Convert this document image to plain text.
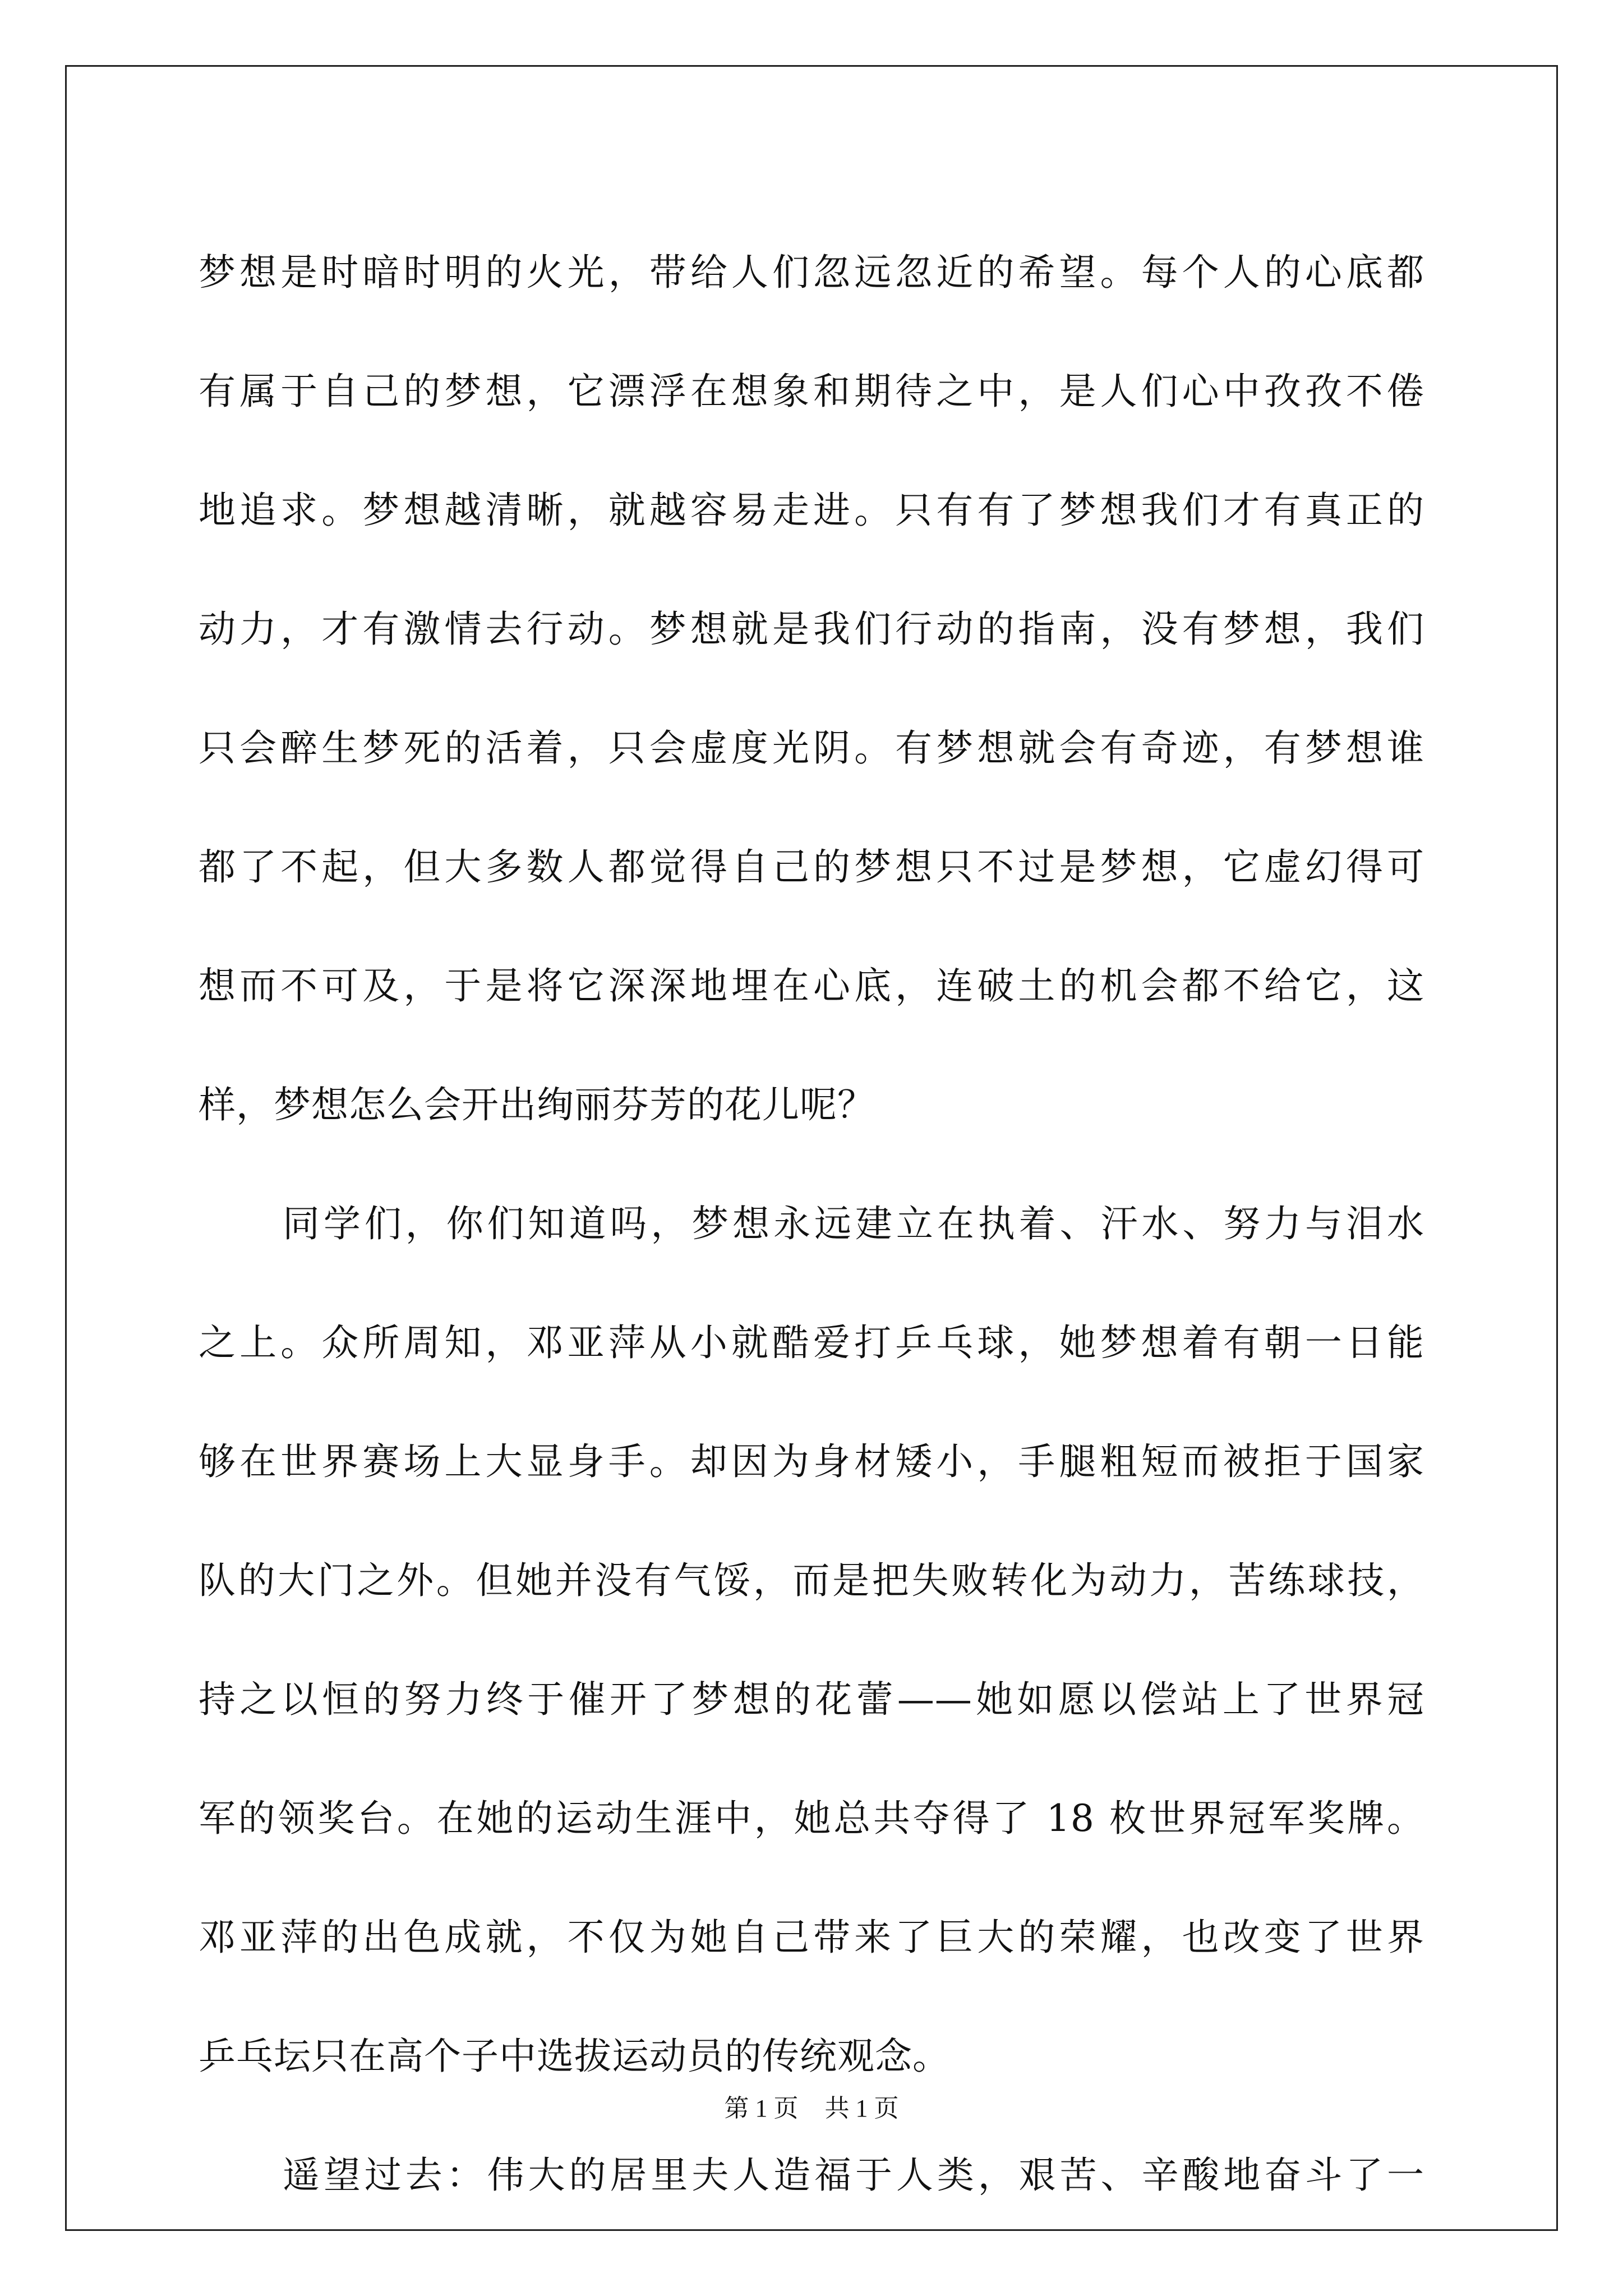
梦想是时暗时明的火光，带给人们忽远忽近的希望。每个人的心底都
有属于自己的梦想，它漂浮在想象和期待之中，是人们心中孜孜不倦
地追求。梦想越清晰，就越容易走进。只有有了梦想我们才有真正的
动力，才有激情去行动。梦想就是我们行动的指南，没有梦想，我们
只会醉生梦死的活着，只会虚度光阴。有梦想就会有奇迹，有梦想谁
都了不起，但大多数人都觉得自己的梦想只不过是梦想，它虚幻得可
想而不可及，于是将它深深地埋在心底，连破土的机会都不给它，这
样，梦想怎么会开出绚丽芬芳的花儿呢？
同学们，你们知道吗，梦想永远建立在执着、汗水、努力与泪水
之上。众所周知，邓亚萍从小就酷爱打乒乓球，她梦想着有朝一日能
够在世界赛场上大显身手。却因为身材矮小，手腿粗短而被拒于国家
队的大门之外。但她并没有气馁，而是把失败转化为动力，苦练球技，
持之以恒的努力终于催开了梦想的花蕾——她如愿以偿站上了世界冠
军的领奖台。在她的运动生涯中，她总共夺得了 18 枚世界冠军奖牌。
邓亚萍的出色成就，不仅为她自己带来了巨大的荣耀，也改变了世界
乒乓坛只在高个子中选拔运动员的传统观念。
遥望过去：伟大的居里夫人造福于人类，艰苦、辛酸地奋斗了一
第 1 页 共 1 页
